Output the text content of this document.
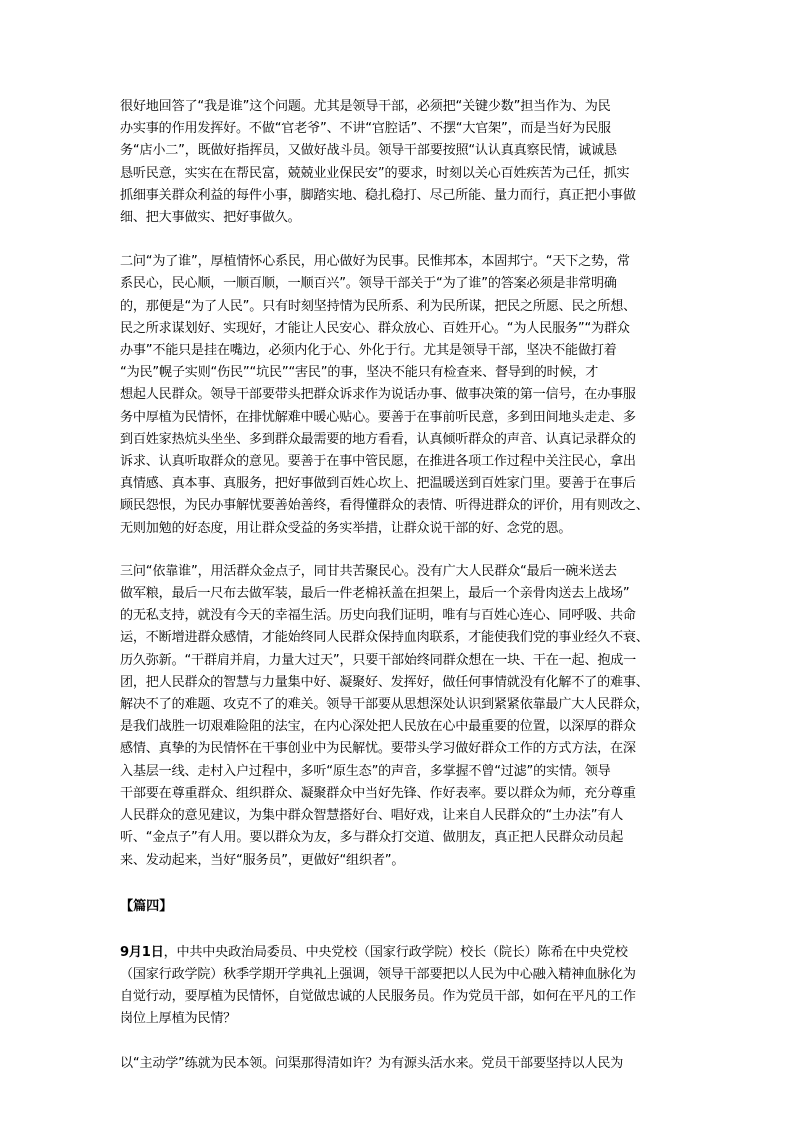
很好地回答了“我是谁”这个问题。尤其是领导干部，必须把“关键少数”担当作为、为民
办实事的作用发挥好。不做“官老爷”、不讲“官腔话”、不摆“大官架”，而是当好为民服
务“店小二”，既做好指挥员，又做好战斗员。领导干部要按照“认认真真察民情，诚诚恳
恳听民意，实实在在帮民富，兢兢业业保民安”的要求，时刻以关心百姓疾苦为己任，抓实
抓细事关群众利益的每件小事，脚踏实地、稳扎稳打、尽己所能、量力而行，真正把小事做
细、把大事做实、把好事做久。

二问“为了谁”，厚植情怀心系民，用心做好为民事。民惟邦本，本固邦宁。“天下之势，常
系民心，民心顺，一顺百顺，一顺百兴”。领导干部关于“为了谁”的答案必须是非常明确
的，那便是“为了人民”。只有时刻坚持情为民所系、利为民所谋，把民之所愿、民之所想、
民之所求谋划好、实现好，才能让人民安心、群众放心、百姓开心。“为人民服务”“为群众
办事”不能只是挂在嘴边，必须内化于心、外化于行。尤其是领导干部，坚决不能做打着
“为民”幌子实则“伤民”“坑民”“害民”的事，坚决不能只有检查来、督导到的时候，才
想起人民群众。领导干部要带头把群众诉求作为说话办事、做事决策的第一信号，在办事服
务中厚植为民情怀，在排忧解难中暖心贴心。要善于在事前听民意，多到田间地头走走、多
到百姓家热炕头坐坐、多到群众最需要的地方看看，认真倾听群众的声音、认真记录群众的
诉求、认真听取群众的意见。要善于在事中管民愿，在推进各项工作过程中关注民心，拿出
真情感、真本事、真服务，把好事做到百姓心坎上、把温暖送到百姓家门里。要善于在事后
顾民怨恨，为民办事解忧要善始善终，看得懂群众的表情、听得进群众的评价，用有则改之、
无则加勉的好态度，用让群众受益的务实举措，让群众说干部的好、念党的恩。

三问“依靠谁”，用活群众金点子，同甘共苦聚民心。没有广大人民群众“最后一碗米送去
做军粮，最后一尺布去做军装，最后一件老棉袄盖在担架上，最后一个亲骨肉送去上战场”
的无私支持，就没有今天的幸福生活。历史向我们证明，唯有与百姓心连心、同呼吸、共命
运，不断增进群众感情，才能始终同人民群众保持血肉联系，才能使我们党的事业经久不衰、
历久弥新。“干群肩并肩，力量大过天”，只要干部始终同群众想在一块、干在一起、抱成一
团，把人民群众的智慧与力量集中好、凝聚好、发挥好，做任何事情就没有化解不了的难事、
解决不了的难题、攻克不了的难关。领导干部要从思想深处认识到紧紧依靠最广大人民群众，
是我们战胜一切艰难险阻的法宝，在内心深处把人民放在心中最重要的位置，以深厚的群众
感情、真挚的为民情怀在干事创业中为民解忧。要带头学习做好群众工作的方式方法，在深
入基层一线、走村入户过程中，多听“原生态”的声音，多掌握不曾“过滤”的实情。领导
干部要在尊重群众、组织群众、凝聚群众中当好先锋、作好表率。要以群众为师，充分尊重
人民群众的意见建议，为集中群众智慧搭好台、唱好戏，让来自人民群众的“土办法”有人
听、“金点子”有人用。要以群众为友，多与群众打交道、做朋友，真正把人民群众动员起
来、发动起来，当好“服务员”，更做好“组织者”。

【篇四】

9月1日，中共中央政治局委员、中央党校（国家行政学院）校长（院长）陈希在中央党校
（国家行政学院）秋季学期开学典礼上强调，领导干部要把以人民为中心融入精神血脉化为
自觉行动，要厚植为民情怀，自觉做忠诚的人民服务员。作为党员干部，如何在平凡的工作
岗位上厚植为民情？

以“主动学”练就为民本领。问渠那得清如许？为有源头活水来。党员干部要坚持以人民为
